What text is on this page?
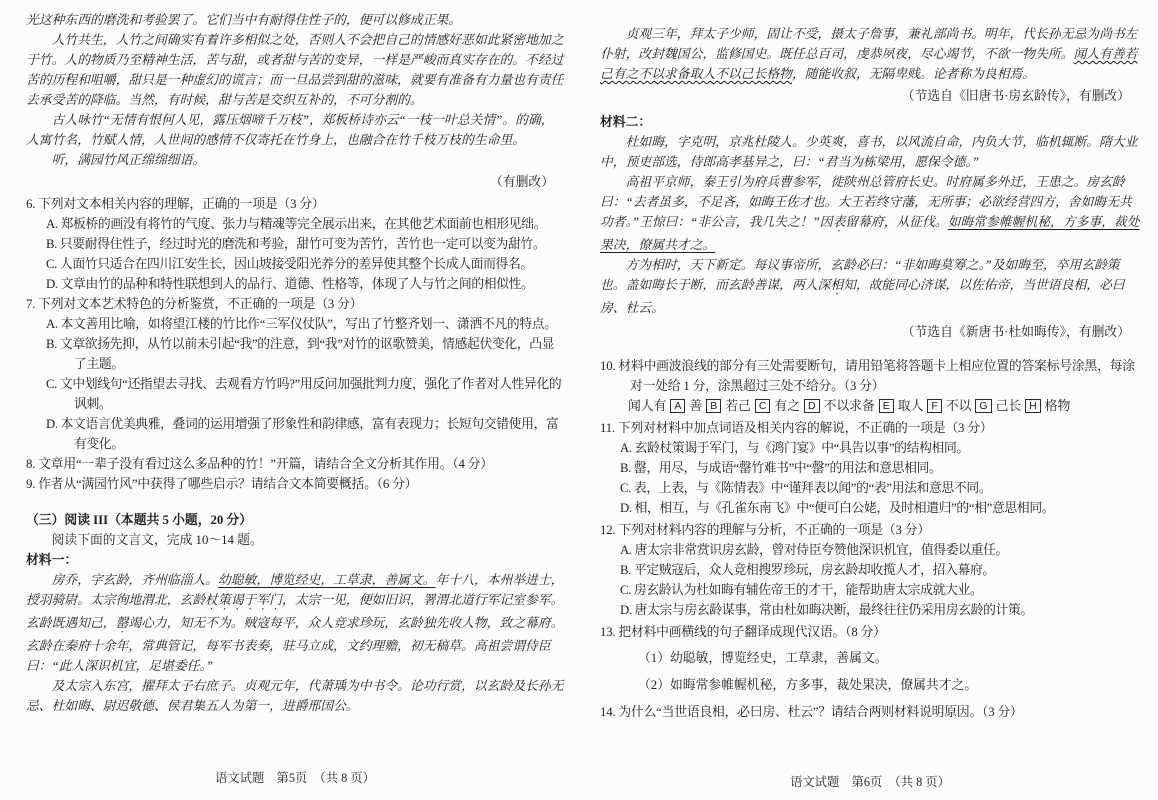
光这种东西的磨洗和考验罢了。它们当中有耐得住性子的，便可以修成正果。

人竹共生，人竹之间确实有着许多相似之处，否则人不会把自己的情感好恶如此紧密地加之于竹。人的物质乃至精神生活，苦与甜，或者甜与苦的变异，一样是严峻而真实存在的。不经过苦的历程和咀嚼，甜只是一种虚幻的谎言；而一旦品尝到甜的滋味，就要有准备有力量也有责任去承受苦的降临。当然，有时候，甜与苦是交织互补的，不可分割的。

古人咏竹“无情有恨何人见，露压烟啼千万枝”，郑板桥诗亦云“一枝一叶总关情”。的确，人寓竹名，竹赋人情，人世间的感情不仅寄托在竹身上，也融合在竹千枝万枝的生命里。

听，满园竹风正绵绵细语。

（有删改）

6. 下列对文本相关内容的理解，正确的一项是（3 分）

A. 郑板桥的画没有将竹的气度、张力与精魂等完全展示出来，在其他艺术面前也相形见绌。

B. 只要耐得住性子，经过时光的磨洗和考验，甜竹可变为苦竹，苦竹也一定可以变为甜竹。

C. 人面竹只适合在四川江安生长，因山坡接受阳光养分的差异使其整个长成人面而得名。

D. 文章由竹的品种和特性联想到人的品行、道德、性格等，体现了人与竹之间的相似性。

7. 下列对文本艺术特色的分析鉴赏，不正确的一项是（3 分）

A. 本文善用比喻，如将望江楼的竹比作“三军仪仗队”，写出了竹整齐划一、潇洒不凡的特点。

B. 文章欲扬先抑，从竹以前未引起“我”的注意，到“我”对竹的讴歌赞美，情感起伏变化，凸显了主题。

C. 文中划线句“还指望去寻找、去观看方竹吗?”用反问加强批判力度，强化了作者对人性异化的讽刺。

D. 本文语言优美典雅，叠词的运用增强了形象性和韵律感，富有表现力；长短句交错使用，富有变化。

8. 文章用“一辈子没有看过这么多品种的竹！”开篇，请结合全文分析其作用。（4 分）

9. 作者从“满园竹风”中获得了哪些启示？请结合文本简要概括。（6 分）

（三）阅读 III（本题共 5 小题，20 分）

阅读下面的文言文，完成 10～14 题。

材料一：

房乔，字玄龄，齐州临淄人。幼聪敏，博览经史，工草隶，善属文。年十八，本州举进士，授羽骑尉。太宗徇地渭北，玄龄杖策谒于军门，太宗一见，便如旧识，署渭北道行军记室参军。玄龄既遇知己，罄竭心力，知无不为。贼寇每平，众人竞求珍玩，玄龄独先收人物，致之幕府。玄龄在秦府十余年，常典管记，每军书表奏，驻马立成，文约理赡，初无稿草。高祖尝谓侍臣曰：“此人深识机宜，足堪委任。”

及太宗入东宫，擢拜太子右庶子。贞观元年，代萧瑀为中书令。论功行赏，以玄龄及长孙无忌、杜如晦、尉迟敬德、侯君集五人为第一，进爵邢国公。

语文试题　第5页　（共 8 页）

贞观三年，拜太子少师，固让不受，摄太子詹事，兼礼部尚书。明年，代长孙无忌为尚书左仆射，改封魏国公，监修国史。既任总百司，虔恭夙夜，尽心竭节，不欲一物失所。闻人有善若己有之不以求备取人不以己长格物，随能收叙，无隔卑贱。论者称为良相焉。

（节选自《旧唐书·房玄龄传》，有删改）

材料二：

杜如晦，字克明，京兆杜陵人。少英爽，喜书，以风流自命，内负大节，临机辄断。隋大业中，预吏部选，侍郎高孝基异之，曰：“君当为栋梁用，愿保令德。”

高祖平京师，秦王引为府兵曹参军，徙陕州总管府长史。时府属多外迁，王患之。房玄龄曰：“去者虽多，不足吝，如晦王佐才也。大王若终守藩，无所事；必欲经营四方，舍如晦无共功者。”王惊曰：“非公言，我几失之！”因表留幕府，从征伐。如晦常参帷幄机秘，方多事，裁处果决，僚属共才之。

方为相时，天下新定。每议事帝所，玄龄必曰：“非如晦莫筹之。”及如晦至，卒用玄龄策也。盖如晦长于断，而玄龄善谋，两人深相知，故能同心济谋，以佐佑帝，当世语良相，必曰房、杜云。

（节选自《新唐书·杜如晦传》，有删改）

10. 材料中画波浪线的部分有三处需要断句，请用铅笔将答题卡上相应位置的答案标号涂黑，每涂对一处给 1 分，涂黑超过三处不给分。（3 分）

闻人有 A 善 B 若己 C 有之 D 不以求备 E 取人 F 不以 G 己长 H 格物

11. 下列对材料中加点词语及相关内容的解说，不正确的一项是（3 分）

A. 玄龄杖策谒于军门，与《鸿门宴》中“具告以事”的结构相同。

B. 罄，用尽，与成语“罄竹难书”中“罄”的用法和意思相同。

C. 表，上表，与《陈情表》中“谨拜表以闻”的“表”用法和意思不同。

D. 相，相互，与《孔雀东南飞》中“便可白公姥，及时相遣归”的“相”意思相同。

12. 下列对材料内容的理解与分析，不正确的一项是（3 分）

A. 唐太宗非常赏识房玄龄，曾对侍臣夸赞他深识机宜，值得委以重任。

B. 平定贼寇后，众人竞相搜罗珍玩，房玄龄却收揽人才，招入幕府。

C. 房玄龄认为杜如晦有辅佐帝王的才干，能帮助唐太宗成就大业。

D. 唐太宗与房玄龄谋事，常由杜如晦决断，最终往往仍采用房玄龄的计策。

13. 把材料中画横线的句子翻译成现代汉语。（8 分）

（1）幼聪敏，博览经史，工草隶，善属文。

（2）如晦常参帷幄机秘，方多事，裁处果决，僚属共才之。

14. 为什么“当世语良相，必曰房、杜云”？请结合两则材料说明原因。（3 分）

语文试题　第6页　（共 8 页）
